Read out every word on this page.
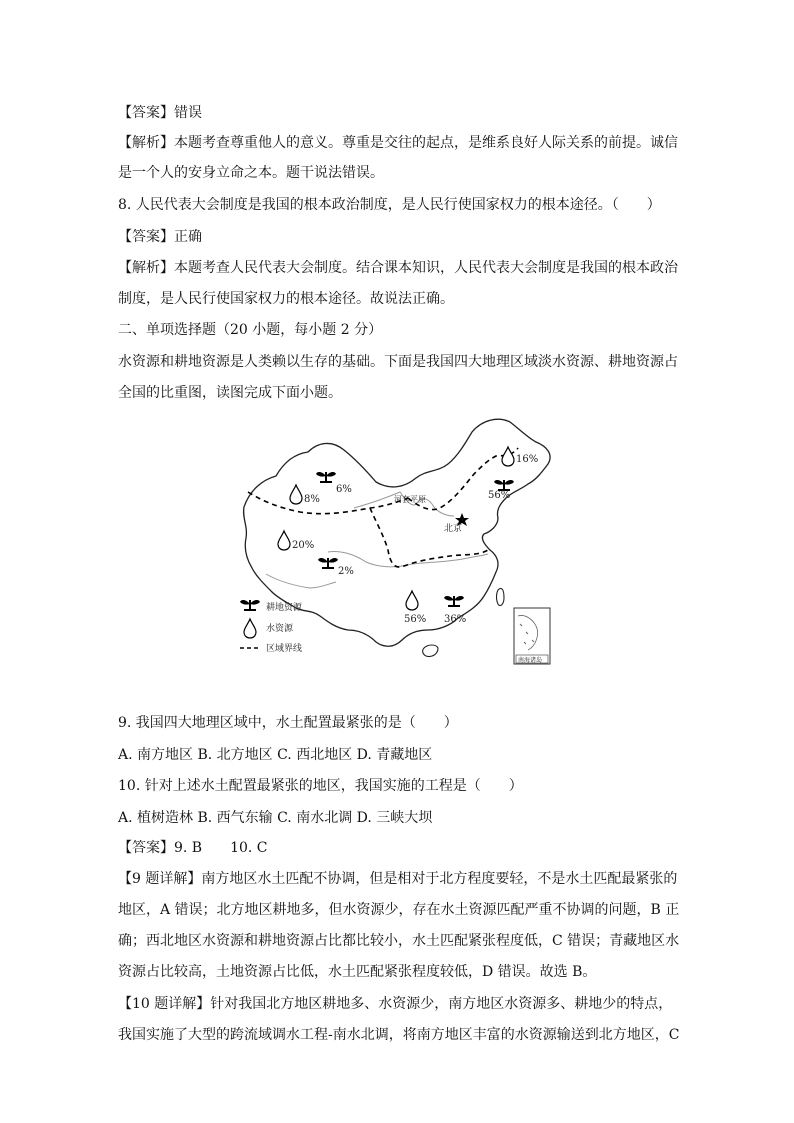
【答案】错误
【解析】本题考查尊重他人的意义。尊重是交往的起点，是维系良好人际关系的前提。诚信
是一个人的安身立命之本。题干说法错误。
8. 人民代表大会制度是我国的根本政治制度，是人民行使国家权力的根本途径。（　　）
【答案】正确
【解析】本题考查人民代表大会制度。结合课本知识，人民代表大会制度是我国的根本政治
制度，是人民行使国家权力的根本途径。故说法正确。
二、单项选择题（20 小题，每小题 2 分）
水资源和耕地资源是人类赖以生存的基础。下面是我国四大地理区域淡水资源、耕地资源占
全国的比重图，读图完成下面小题。
北京
河套平原
16%
56%
6%
8%
20%
2%
56% 36%
耕地资源
水资源
区域界线
南海诸岛
9. 我国四大地理区域中，水土配置最紧张的是（　　）
A. 南方地区 B. 北方地区 C. 西北地区 D. 青藏地区
10. 针对上述水土配置最紧张的地区，我国实施的工程是（　　）
A. 植树造林 B. 西气东输 C. 南水北调 D. 三峡大坝
【答案】9. B　　10. C
【9 题详解】南方地区水土匹配不协调，但是相对于北方程度要轻，不是水土匹配最紧张的
地区，A 错误；北方地区耕地多，但水资源少，存在水土资源匹配严重不协调的问题，B 正
确；西北地区水资源和耕地资源占比都比较小，水土匹配紧张程度低，C 错误；青藏地区水
资源占比较高，土地资源占比低，水土匹配紧张程度较低，D 错误。故选 B。
【10 题详解】针对我国北方地区耕地多、水资源少，南方地区水资源多、耕地少的特点，
我国实施了大型的跨流域调水工程-南水北调，将南方地区丰富的水资源输送到北方地区，C
